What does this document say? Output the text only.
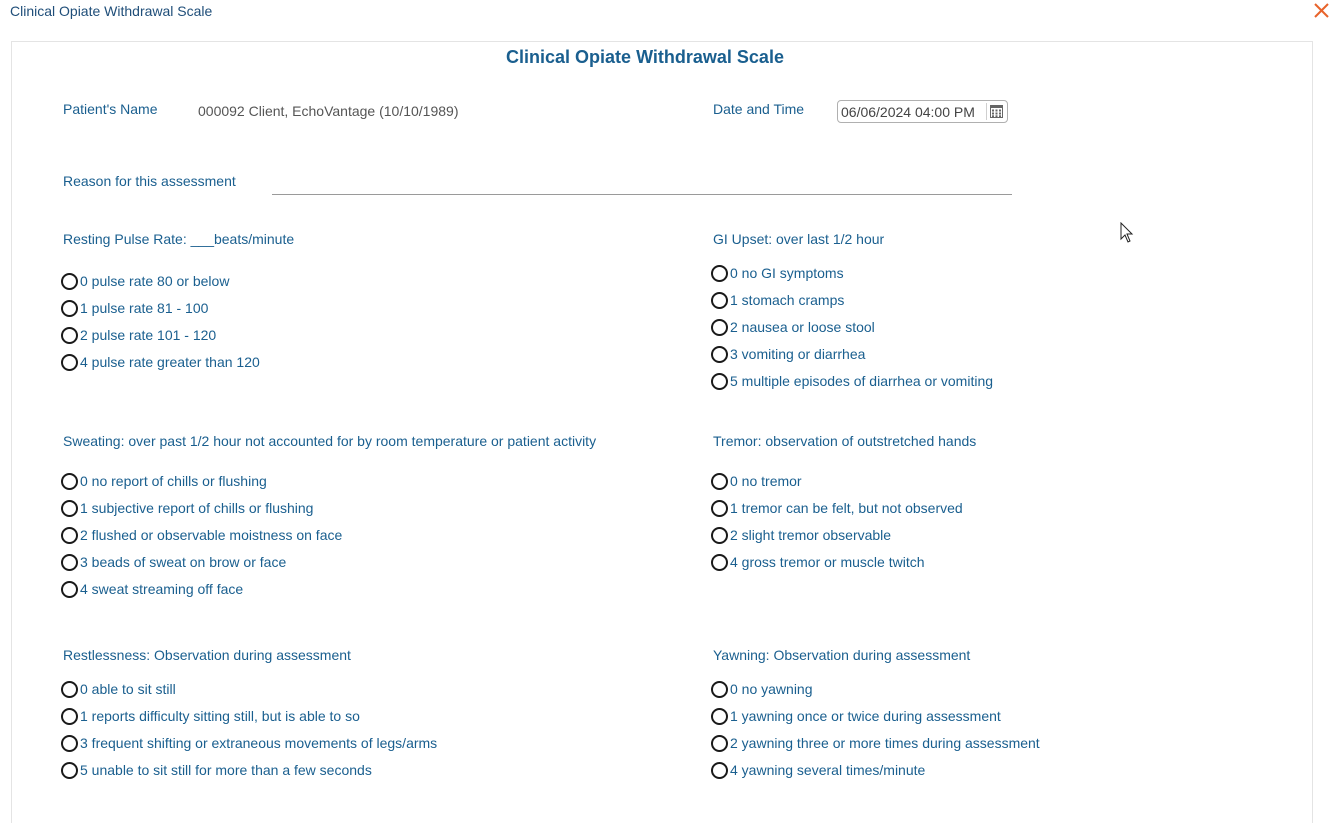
Clinical Opiate Withdrawal Scale
Clinical Opiate Withdrawal Scale
Patient's Name	000092 Client, EchoVantage (10/10/1989)	Date and Time
06/06/2024 04:00 PM
Reason for this assessment
Resting Pulse Rate: ___beats/minute
0 pulse rate 80 or below
1 pulse rate 81 - 100
2 pulse rate 101 - 120
4 pulse rate greater than 120
GI Upset: over last 1/2 hour
0 no GI symptoms
1 stomach cramps
2 nausea or loose stool
3 vomiting or diarrhea
5 multiple episodes of diarrhea or vomiting
Sweating: over past 1/2 hour not accounted for by room temperature or patient activity
0 no report of chills or flushing
1 subjective report of chills or flushing
2 flushed or observable moistness on face
3 beads of sweat on brow or face
4 sweat streaming off face
Tremor: observation of outstretched hands
0 no tremor
1 tremor can be felt, but not observed
2 slight tremor observable
4 gross tremor or muscle twitch
Restlessness: Observation during assessment
0 able to sit still
1 reports difficulty sitting still, but is able to so
3 frequent shifting or extraneous movements of legs/arms
5 unable to sit still for more than a few seconds
Yawning: Observation during assessment
0 no yawning
1 yawning once or twice during assessment
2 yawning three or more times during assessment
4 yawning several times/minute
